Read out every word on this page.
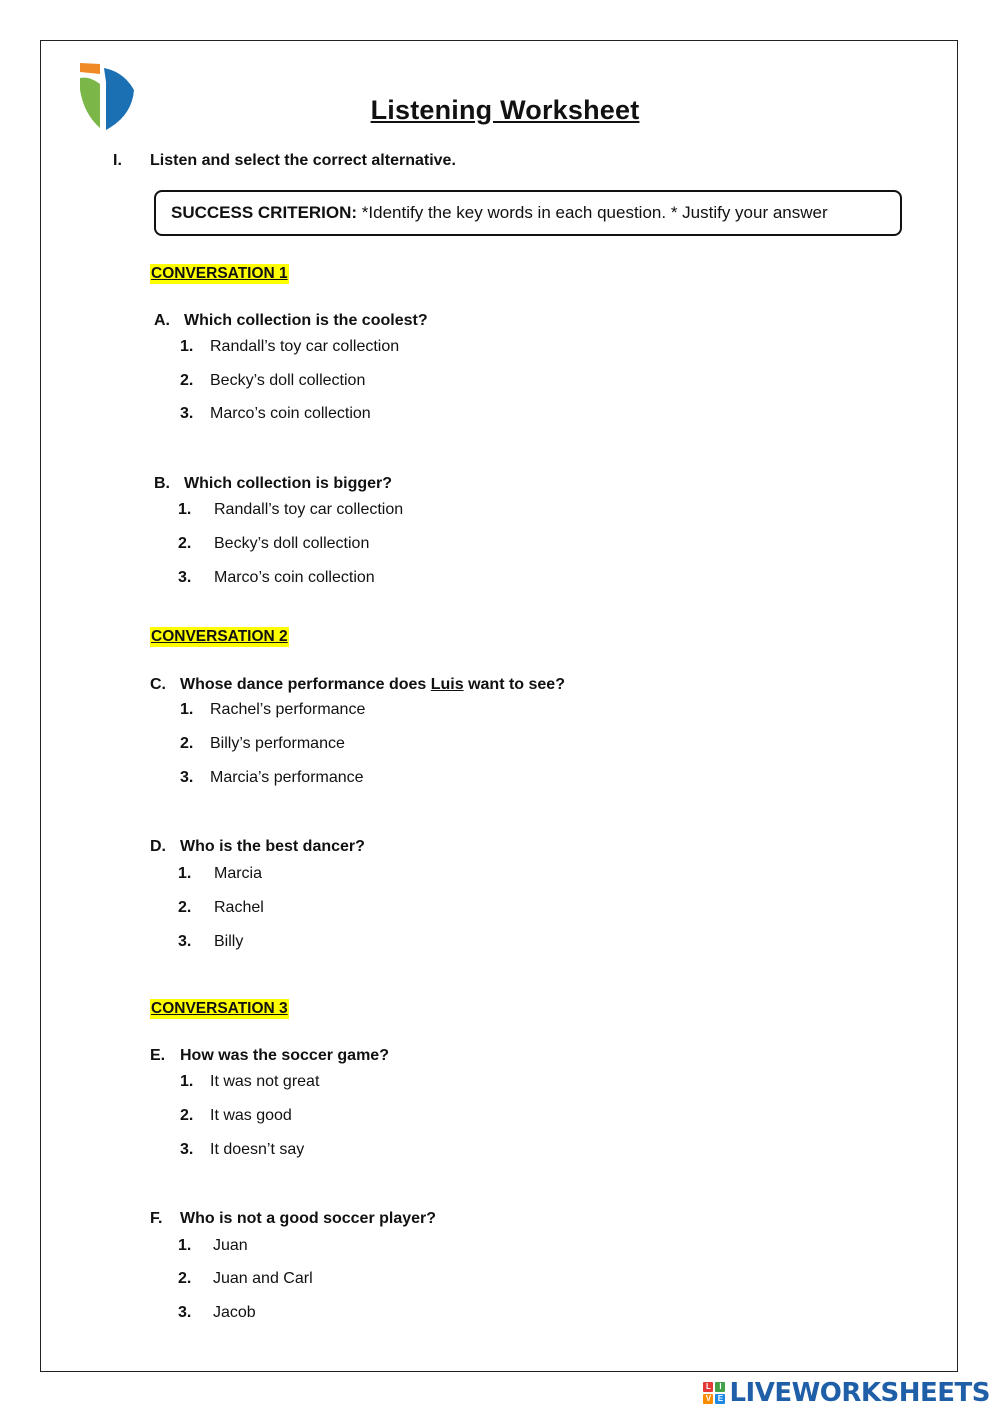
Listening Worksheet
I. Listen and select the correct alternative.
SUCCESS CRITERION: *Identify the key words in each question. * Justify your answer
CONVERSATION 1
A. Which collection is the coolest?
1. Randall’s toy car collection
2. Becky’s doll collection
3. Marco’s coin collection
B. Which collection is bigger?
1. Randall’s toy car collection
2. Becky’s doll collection
3. Marco’s coin collection
CONVERSATION 2
C. Whose dance performance does Luis want to see?
1. Rachel’s performance
2. Billy’s performance
3. Marcia’s performance
D. Who is the best dancer?
1. Marcia
2. Rachel
3. Billy
CONVERSATION 3
E. How was the soccer game?
1. It was not great
2. It was good
3. It doesn’t say
F. Who is not a good soccer player?
1. Juan
2. Juan and Carl
3. Jacob
L	I
V E LIVEWORKSHEETS
